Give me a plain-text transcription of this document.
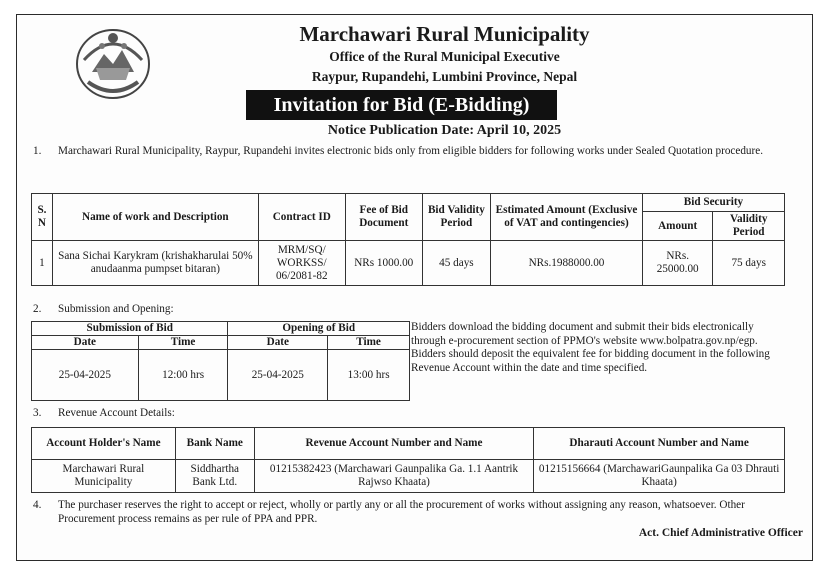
Marchawari Rural Municipality
Office of the Rural Municipal Executive
Raypur, Rupandehi, Lumbini Province, Nepal
Invitation for Bid (E-Bidding)
Notice Publication Date: April 10, 2025
1. Marchawari Rural Municipality, Raypur, Rupandehi invites electronic bids only from eligible bidders for following works under Sealed Quotation procedure.
S. N	Name of work and Description	Contract ID	Fee of Bid Document	Bid Validity Period	Estimated Amount (Exclusive of VAT and contingencies)	Bid Security	
						Amount	Validity Period
1	Sana Sichai Karykram (krishakharulai 50% anudaanma pumpset bitaran)	MRM/SQ/ WORKSS/ 06/2081-82	NRs 1000.00	45 days	NRs.1988000.00	NRs. 25000.00	75 days
2. Submission and Opening:
Submission of Bid		Opening of Bid	
Date	Time	Date	Time
25-04-2025	12:00 hrs	25-04-2025	13:00 hrs
Bidders download the bidding document and submit their bids electronically through e-procurement section of PPMO's website www.bolpatra.gov.np/egp. Bidders should deposit the equivalent fee for bidding document in the following Revenue Account within the date and time specified.
3. Revenue Account Details:
Account Holder's Name	Bank Name	Revenue Account Number and Name	Dharauti Account Number and Name
Marchawari Rural Municipality	Siddhartha Bank Ltd.	01215382423 (Marchawari Gaunpalika Ga. 1.1 Aantrik Rajwso Khaata)	01215156664 (MarchawariGaunpalika Ga 03 Dhrauti Khaata)
4. The purchaser reserves the right to accept or reject, wholly or partly any or all the procurement of works without assigning any reason, whatsoever. Other Procurement process remains as per rule of PPA and PPR.
Act. Chief Administrative Officer
